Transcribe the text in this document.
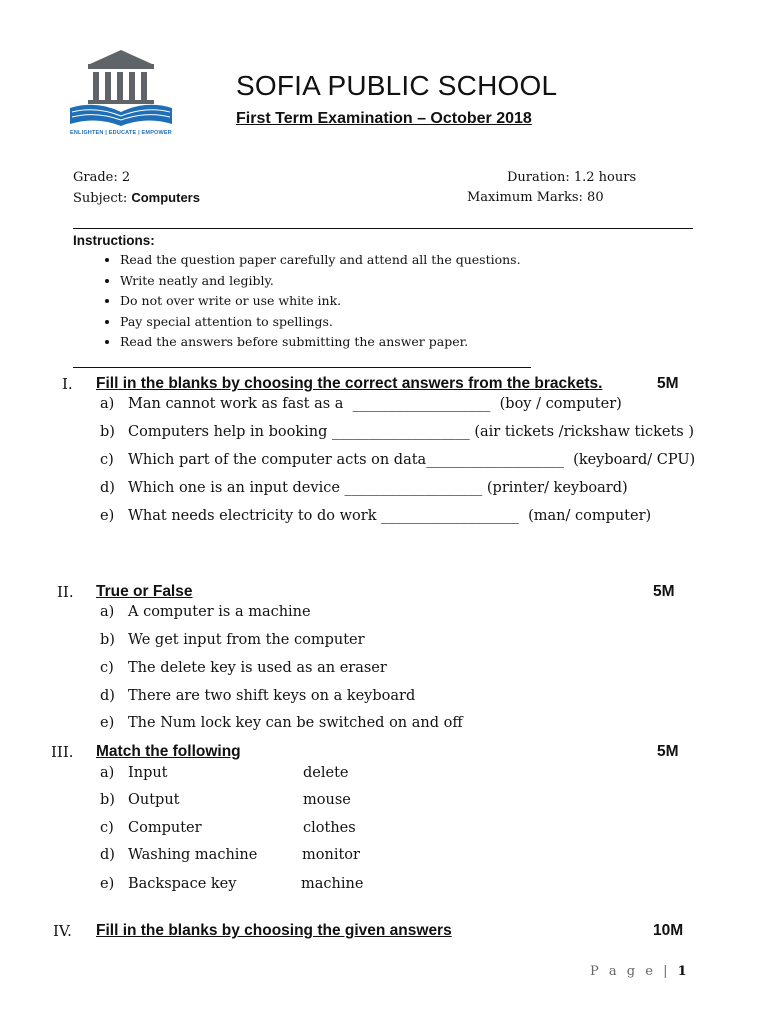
ENLIGHTEN | EDUCATE | EMPOWER
SOFIA PUBLIC SCHOOL
First Term Examination – October 2018
Grade: 2
Subject: Computers
Duration: 1.2 hours
Maximum Marks: 80
Instructions:
• Read the question paper carefully and attend all the questions.
• Write neatly and legibly.
• Do not over write or use white ink.
• Pay special attention to spellings.
• Read the answers before submitting the answer paper.
I. Fill in the blanks by choosing the correct answers from the brackets.	5M
a) Man cannot work as fast as a  ___________________  (boy / computer)
b) Computers help in booking ___________________ (air tickets /rickshaw tickets )
c) Which part of the computer acts on data___________________  (keyboard/ CPU)
d) Which one is an input device ___________________ (printer/ keyboard)
e) What needs electricity to do work ___________________  (man/ computer)
II. True or False	5M
a) A computer is a machine
b) We get input from the computer
c) The delete key is used as an eraser
d) There are two shift keys on a keyboard
e) The Num lock key can be switched on and off
III. Match the following	5M
a) Input	delete
b) Output	mouse
c) Computer	clothes
d) Washing machine	monitor
e) Backspace key	machine
IV. Fill in the blanks by choosing the given answers	10M
P a g e | 1
